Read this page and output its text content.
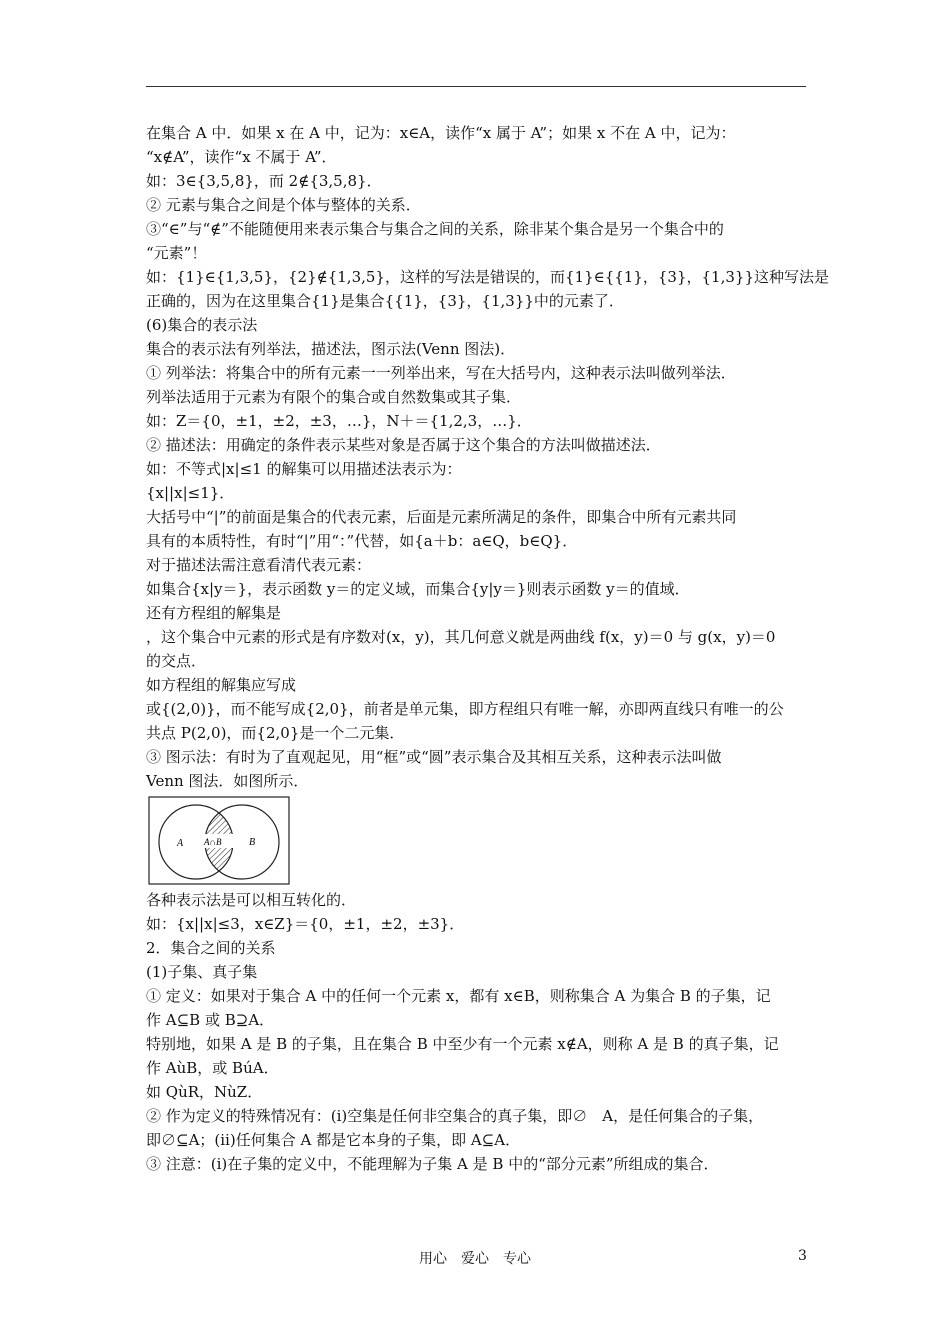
在集合 A 中．如果 x 在 A 中，记为：x∈A，读作“x 属于 A”；如果 x 不在 A 中，记为：
“x∉A”，读作“x 不属于 A”．
如：3∈{3,5,8}，而 2∉{3,5,8}．
② 元素与集合之间是个体与整体的关系．
③“∈”与“∉”不能随便用来表示集合与集合之间的关系，除非某个集合是另一个集合中的
“元素”！
如：{1}∈{1,3,5}，{2}∉{1,3,5}，这样的写法是错误的，而{1}∈{{1}，{3}，{1,3}}这种写法是
正确的，因为在这里集合{1}是集合{{1}，{3}，{1,3}}中的元素了．
(6)集合的表示法
集合的表示法有列举法，描述法，图示法(Venn 图法)．
① 列举法：将集合中的所有元素一一列举出来，写在大括号内，这种表示法叫做列举法．
列举法适用于元素为有限个的集合或自然数集或其子集．
如：Z＝{0，±1，±2，±3，…}，N＋＝{1,2,3，…}．
② 描述法：用确定的条件表示某些对象是否属于这个集合的方法叫做描述法．
如：不等式|x|≤1 的解集可以用描述法表示为：
{x||x|≤1}．
大括号中“|”的前面是集合的代表元素，后面是元素所满足的条件，即集合中所有元素共同
具有的本质特性，有时“|”用“：”代替，如{a＋b：a∈Q，b∈Q}．
对于描述法需注意看清代表元素：
如集合{x|y＝}，表示函数 y＝的定义域，而集合{y|y＝}则表示函数 y＝的值域．
还有方程组的解集是
，这个集合中元素的形式是有序数对(x，y)，其几何意义就是两曲线 f(x，y)＝0 与 g(x，y)＝0
的交点．
如方程组的解集应写成
或{(2,0)}，而不能写成{2,0}，前者是单元集，即方程组只有唯一解，亦即两直线只有唯一的公
共点 P(2,0)，而{2,0}是一个二元集．
③ 图示法：有时为了直观起见，用“框”或“圆”表示集合及其相互关系，这种表示法叫做
Venn 图法．如图所示．
A	B
A∩B
各种表示法是可以相互转化的．
如：{x||x|≤3，x∈Z}＝{0，±1，±2，±3}．
2．集合之间的关系
(1)子集、真子集
① 定义：如果对于集合 A 中的任何一个元素 x，都有 x∈B，则称集合 A 为集合 B 的子集，记
作 A⊆B 或 B⊇A．
特别地，如果 A 是 B 的子集，且在集合 B 中至少有一个元素 x∉A，则称 A 是 B 的真子集，记
作 AùB，或 BúA．
如 QùR，NùZ．
② 作为定义的特殊情况有：(ⅰ)空集是任何非空集合的真子集，即∅　A，是任何集合的子集，
即∅⊆A；(ⅱ)任何集合 A 都是它本身的子集，即 A⊆A．
③ 注意：(ⅰ)在子集的定义中，不能理解为子集 A 是 B 中的“部分元素”所组成的集合．
用心　爱心　专心	3
